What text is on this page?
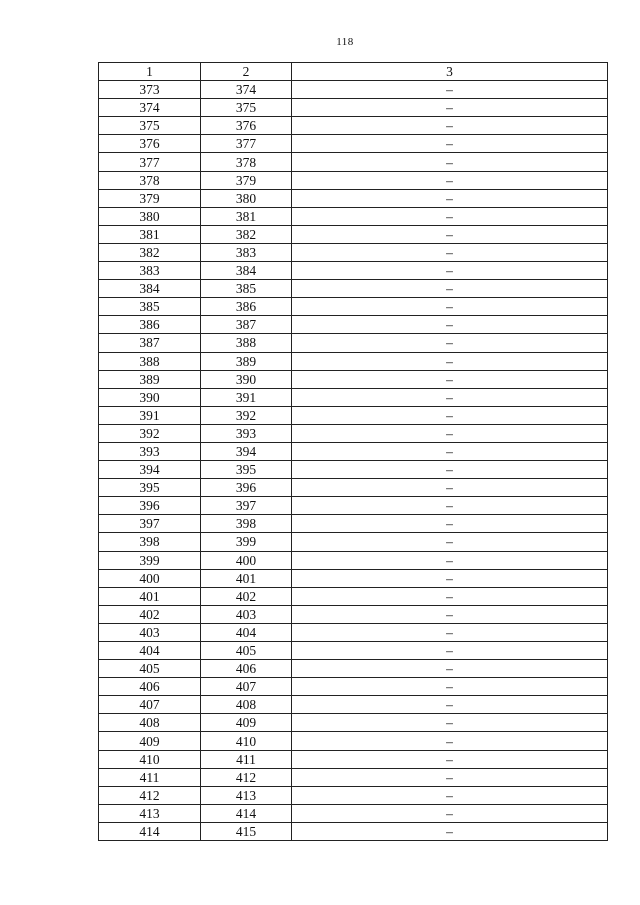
118
1	2	3
373	374	–
374	375	–
375	376	–
376	377	–
377	378	–
378	379	–
379	380	–
380	381	–
381	382	–
382	383	–
383	384	–
384	385	–
385	386	–
386	387	–
387	388	–
388	389	–
389	390	–
390	391	–
391	392	–
392	393	–
393	394	–
394	395	–
395	396	–
396	397	–
397	398	–
398	399	–
399	400	–
400	401	–
401	402	–
402	403	–
403	404	–
404	405	–
405	406	–
406	407	–
407	408	–
408	409	–
409	410	–
410	411	–
411	412	–
412	413	–
413	414	–
414	415	–
